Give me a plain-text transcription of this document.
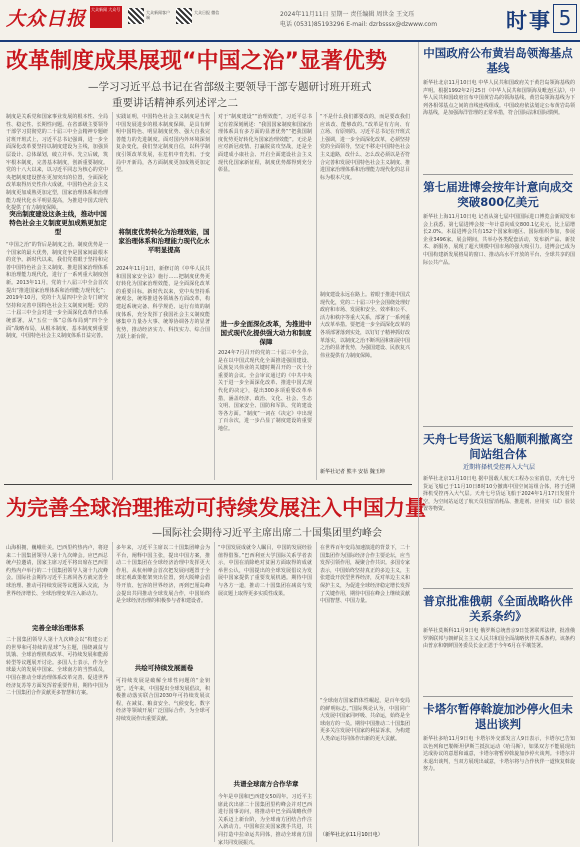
大众日报 大众新闻 大众号
大众新闻客户端
大众日报 微信	2024年11月11日 星期一 责任编辑 周世金 王文珏
电话 (0531)85193296 E-mail: dzrbsssx@dzwww.com	时事 5
改革制度成果展现“中国之治”显著优势
—学习习近平总书记在省部级主要领导干部专题研讨班开班式
重要讲话精神系列述评之二
制度是关系党和国家事业发展的根本性、全局性、稳定性、长期性问题。在省部级主要领导干部学习贯彻党的二十届三中全会精神专题研讨班开班式上，习近平总书记强调，进一步全面深化改革要坚持以制度建设为主线，加强顶层设计、总体谋划，破立并举、先立后破，筑牢根本制度，完善基本制度，创新重要制度。党的十八大以来，以习近平同志为核心的党中央把制度建设摆在更加突出的位置，全面深化改革取得历史性伟大成就，中国特色社会主义制度更加成熟更加定型，国家治理体系和治理能力现代化水平明显提高，为推进中国式现代化提供了有力制度保障。
突出制度建设这条主线，推动中国特色社会主义制度更加成熟更加定型
“中国之治”的背后是制度之治。制度优势是一个国家的最大优势，制度竞争是国家间最根本的竞争。新时代以来，我们党着眼于坚持和完善中国特色社会主义制度、推进国家治理体系和治理能力现代化，进行了一系列重大制度创新。2013年11月，党的十八届三中全会首次提出“推进国家治理体系和治理能力现代化”；2019年10月，党的十九届四中全会专门研究坚持和完善中国特色社会主义制度问题；党的二十届三中全会对进一步全面深化改革作出系统部署。从“五位一体”总体布局到“四个全面”战略布局，从根本制度、基本制度到重要制度，中国特色社会主义制度体系日益完善。
实践证明，中国特色社会主义制度是当代中国发展进步的根本制度保障，是具有鲜明中国特色、明显制度优势、强大自我完善能力的先进制度。面对国内外环境深刻复杂变化，我们坚定制度自信，以科学制度引领改革发展，在危机中育先机、于变局中开新局，各方面制度更加成熟更加定型。
将制度优势转化为治理效能，国家治理体系和治理能力现代化水平明显提高
2024年11月1日，新修订的《中华人民共和国国家安全法》施行……把制度优势更好转化为国家治理效能，是全面深化改革的重要目标。新时代以来，党中央坚持系统观念，统筹推进各领域各方面改革，构建起系统完备、科学规范、运行有效的制度体系，充分发挥了我国社会主义制度能够集中力量办大事、统筹协调各方的显著优势，推动经济实力、科技实力、综合国力跃上新台阶。
对于“制度建设”“治理效能”，习近平总书记有着深刻阐述：“我国国家制度和国家治理体系具有多方面的显著优势”“把我国制度优势更好转化为国家治理效能”。无论是应对新冠疫情、打赢脱贫攻坚战，还是全面建成小康社会、开启全面建设社会主义现代化国家新征程，制度优势都得到充分彰显。
进一步全面深化改革，为推进中国式现代化提供强大动力和制度保障
2024年7月召开的党的二十届三中全会，是在以中国式现代化全面推进强国建设、民族复兴伟业的关键时期召开的一次十分重要的会议。全会审议通过的《中共中央关于进一步全面深化改革、推进中国式现代化的决定》，提出300多项重要改革举措，涵盖经济、政治、文化、社会、生态文明、国家安全、国防和军队、党的建设等各方面。“制度”一词在《决定》中出现了百余次，进一步凸显了制度建设的重要地位。
“不是什么我们都要改的，而是要改我们应该改、能够改的。”改革是有方向、有立场、有原则的。习近平总书记在开班式上强调，进一步全面深化改革，必须坚持党的全面领导，坚定不移走中国特色社会主义道路，改什么、怎么改必须以是否符合完善和发展中国特色社会主义制度、推进国家治理体系和治理能力现代化的总目标为根本尺度。
制度建设永远在路上。着眼于推进中国式现代化，党的二十届三中全会围绕处理好政府和市场、发展和安全、效率和公平、活力和秩序等重大关系，部署了一系列重大改革举措。要把进一步全面深化改革的各项部署落到实处，以钉钉子精神抓好改革落实，以制度之治不断巩固和拓展中国之治的显著优势，为强国建设、民族复兴伟业提供有力制度保障。
新华社记者 熊丰 安蓓 魏玉坤
为完善全球治理推动可持续发展注入中国力量
—国际社会期待习近平主席出席二十国集团里约峰会
山海相拥，巍峨壮美。巴西里约热内卢，将迎来二十国集团领导人第十九次峰会。应巴西总统卢拉邀请，国家主席习近平将出席在巴西里约热内卢举行的二十国集团领导人第十九次峰会。国际社会期待习近平主席同各方就完善全球治理、推动可持续发展等议题深入交流，为世界经济增长、全球治理变革注入新动力。
完善全球治理体系
二十国集团领导人第十九次峰会以“构建公正的世界和可持续的星球”为主题，围绕减贫与饥饿、全球治理机构改革、可持续发展和能源转型等议题展开讨论。多国人士表示，作为全球最大的发展中国家、全球南方的当然成员，中国在推动全球治理体系改革完善、促进世界经济复苏等方面发挥着重要作用，期待中国为二十国集团合作贡献更多智慧和方案。
多年来，习近平主席以二十国集团峰会为平台，阐释中国主张，提出中国方案，推动二十国集团在全球经济治理中发挥更大作用。从杭州峰会首次把发展问题置于全球宏观政策框架突出位置，到大阪峰会倡导开放、包容的世界经济，再到巴厘岛峰会提出共同推动全球发展合作，中国始终是全球经济治理的积极参与者和建设者。
共绘可持续发展画卷
可持续发展是破解全球性问题的“金钥匙”。近年来，中国提出全球发展倡议，积极推动落实联合国2030年可持续发展议程，在减贫、粮食安全、气候变化、数字经济等领域开展广泛国际合作，为全球可持续发展作出重要贡献。
“中国发展成就令人瞩目，中国的发展经验值得借鉴。”巴西利亚大学国际关系学者表示，中国在消除绝对贫困方面取得的成就举世公认，中国提出的全球发展倡议为发展中国家提供了重要发展机遇。期待中国与各方一道，推动二十国集团在减贫与发展议题上取得更多实质性成果。
共谱全球南方合作华章
今年是中国和巴西建交50周年。习近平主席此次出席二十国集团里约峰会并对巴西进行国事访问，将推动中巴全面战略伙伴关系迈上新台阶，为全球南方团结合作注入新动力。中国和拉美国家携手共进，共同打造中拉命运共同体，推动全球南方国家共同发展振兴。
在世界百年变局加速演进的背景下，二十国集团作为国际经济合作主要论坛，应当发挥引领作用，凝聚合作共识。多国专家表示，中国始终坚持真正的多边主义，主张建设开放型世界经济，反对单边主义和保护主义，为促进全球经济稳定增长发挥了关键作用，期待中国在峰会上继续贡献中国智慧、中国力量。
“全球南方国家群体性崛起，是百年变局的鲜明标志。”国际舆论认为，中国同广大发展中国家同呼吸、共命运，始终是全球南方的一员。期待中国推动二十国集团更多关注发展中国家的利益诉求，为构建人类命运共同体作出新的更大贡献。
（新华社北京11月10日电）
中国政府公布黄岩岛领海基点基线
新华社北京11月10日电 中华人民共和国政府关于黄岩岛领海基线的声明。根据1992年2月25日《中华人民共和国领海及毗连区法》，中华人民共和国政府宣布中国黄岩岛的领海基线。黄岩岛领海基线为下列各相邻基点之间的直线连线组成。中国政府依法划定公布黄岩岛领海基线，是加强海洋管理的正常举措，符合国际法和国际惯例。
第七届进博会按年计意向成交突破800亿美元
新华社上海11月10日电 记者从第七届中国国际进口博览会新闻发布会上获悉，第七届进博会按一年计意向成交800.1亿美元，比上届增长2.0%。本届进博会共有152个国家和地区、国际组织参加，参展企业3496家。展会期间，共举办各类配套活动，发布新产品、新技术、新服务，展现了超大规模中国市场的强大吸引力。进博会已成为中国构建新发展格局的窗口、推动高水平开放的平台、全球共享的国际公共产品。
天舟七号货运飞船顺利撤离空间站组合体
近期将择机受控再入大气层
新华社北京11月10日电 据中国载人航天工程办公室消息，天舟七号货运飞船已于11月10日8时10分撤离中国空间站组合体，将于近期择机受控再入大气层。天舟七号货运飞船于2024年1月17日发射升空，为空间站运送了航天员驻留消耗品、推进剂、应用实（试）验装置等物资。
普京批准俄朝《全面战略伙伴关系条约》
新华社莫斯科11月9日电 俄罗斯总统普京9日签署联邦法律，批准俄罗斯联邦与朝鲜民主主义人民共和国全面战略伙伴关系条约。该条约由普京和朝鲜国务委员长金正恩于今年6月在平壤签署。
卡塔尔暂停斡旋加沙停火但未退出谈判
新华社多哈11月9日电 卡塔尔外交部发言人9日表示，卡塔尔已告知以色列和巴勒斯坦伊斯兰抵抗运动（哈马斯），如果双方不能展现出达成协议的意愿和诚意，卡塔尔将暂停斡旋加沙停火谈判。卡塔尔并未退出谈判，当双方展现出诚意，卡塔尔将与合作伙伴一道恢复斡旋努力。
